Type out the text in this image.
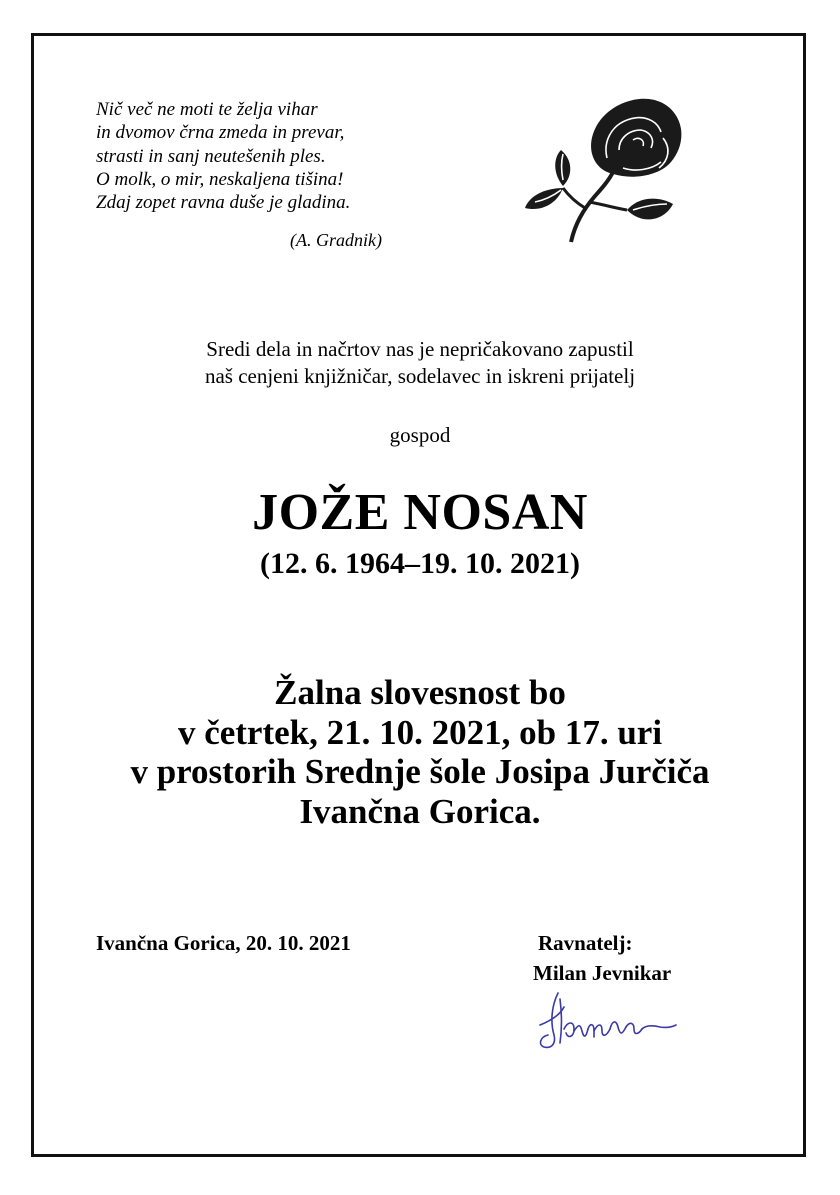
Nič več ne moti te želja vihar
in dvomov črna zmeda in prevar,
strasti in sanj neutešenih ples.
O molk, o mir, neskaljena tišina!
Zdaj zopet ravna duše je gladina.
(A. Gradnik)
Sredi dela in načrtov nas je nepričakovano zapustil
naš cenjeni knjižničar, sodelavec in iskreni prijatelj
gospod
JOŽE NOSAN
(12. 6. 1964–19. 10. 2021)
Žalna slovesnost bo
v četrtek, 21. 10. 2021, ob 17. uri
v prostorih Srednje šole Josipa Jurčiča
Ivančna Gorica.
Ivančna Gorica, 20. 10. 2021	Ravnatelj:
Milan Jevnikar
